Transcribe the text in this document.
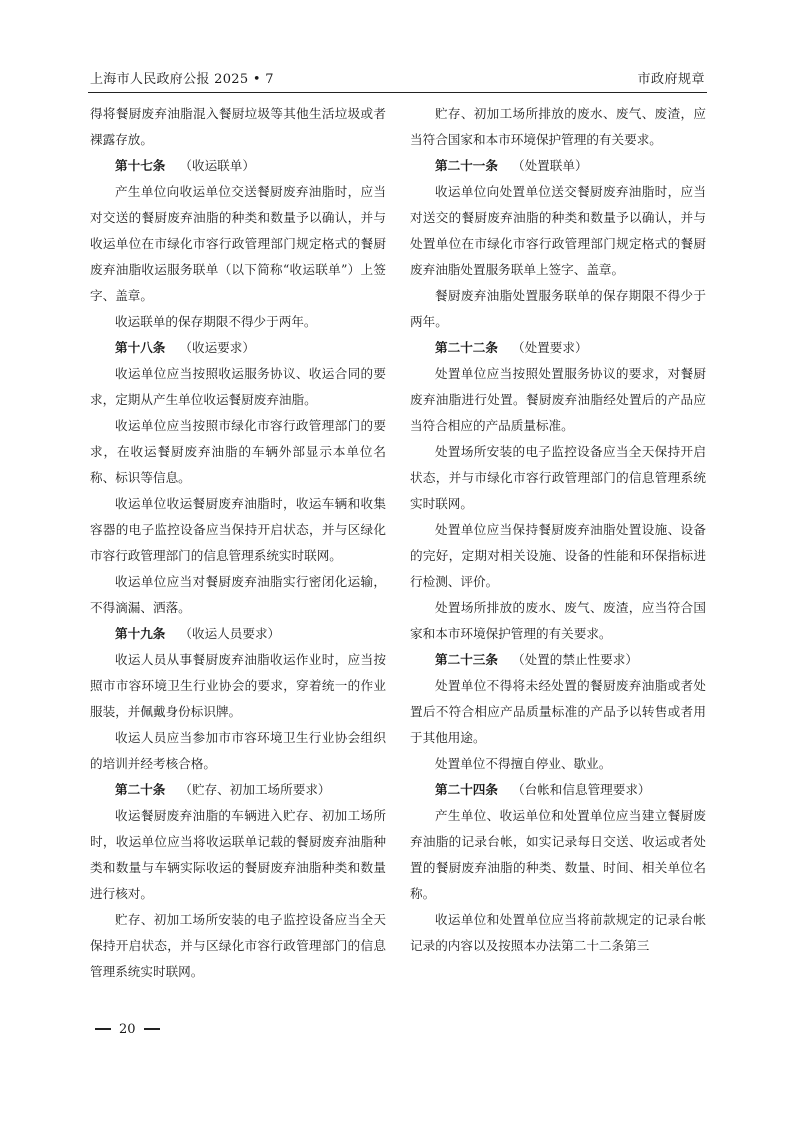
上海市人民政府公报 2025 • 7	市政府规章

得将餐厨废弃油脂混入餐厨垃圾等其他生活垃圾或者裸露存放。

第十七条 （收运联单）

产生单位向收运单位交送餐厨废弃油脂时，应当对交送的餐厨废弃油脂的种类和数量予以确认，并与收运单位在市绿化市容行政管理部门规定格式的餐厨废弃油脂收运服务联单（以下简称“收运联单”）上签字、盖章。

收运联单的保存期限不得少于两年。

第十八条 （收运要求）

收运单位应当按照收运服务协议、收运合同的要求，定期从产生单位收运餐厨废弃油脂。

收运单位应当按照市绿化市容行政管理部门的要求，在收运餐厨废弃油脂的车辆外部显示本单位名称、标识等信息。

收运单位收运餐厨废弃油脂时，收运车辆和收集容器的电子监控设备应当保持开启状态，并与区绿化市容行政管理部门的信息管理系统实时联网。

收运单位应当对餐厨废弃油脂实行密闭化运输，不得滴漏、洒落。

第十九条 （收运人员要求）

收运人员从事餐厨废弃油脂收运作业时，应当按照市市容环境卫生行业协会的要求，穿着统一的作业服装，并佩戴身份标识牌。

收运人员应当参加市市容环境卫生行业协会组织的培训并经考核合格。

第二十条 （贮存、初加工场所要求）

收运餐厨废弃油脂的车辆进入贮存、初加工场所时，收运单位应当将收运联单记载的餐厨废弃油脂种类和数量与车辆实际收运的餐厨废弃油脂种类和数量进行核对。

贮存、初加工场所安装的电子监控设备应当全天保持开启状态，并与区绿化市容行政管理部门的信息管理系统实时联网。

贮存、初加工场所排放的废水、废气、废渣，应当符合国家和本市环境保护管理的有关要求。

第二十一条 （处置联单）

收运单位向处置单位送交餐厨废弃油脂时，应当对送交的餐厨废弃油脂的种类和数量予以确认，并与处置单位在市绿化市容行政管理部门规定格式的餐厨废弃油脂处置服务联单上签字、盖章。

餐厨废弃油脂处置服务联单的保存期限不得少于两年。

第二十二条 （处置要求）

处置单位应当按照处置服务协议的要求，对餐厨废弃油脂进行处置。餐厨废弃油脂经处置后的产品应当符合相应的产品质量标准。

处置场所安装的电子监控设备应当全天保持开启状态，并与市绿化市容行政管理部门的信息管理系统实时联网。

处置单位应当保持餐厨废弃油脂处置设施、设备的完好，定期对相关设施、设备的性能和环保指标进行检测、评价。

处置场所排放的废水、废气、废渣，应当符合国家和本市环境保护管理的有关要求。

第二十三条 （处置的禁止性要求）

处置单位不得将未经处置的餐厨废弃油脂或者处置后不符合相应产品质量标准的产品予以转售或者用于其他用途。

处置单位不得擅自停业、歇业。

第二十四条 （台帐和信息管理要求）

产生单位、收运单位和处置单位应当建立餐厨废弃油脂的记录台帐，如实记录每日交送、收运或者处置的餐厨废弃油脂的种类、数量、时间、相关单位名称。

收运单位和处置单位应当将前款规定的记录台帐记录的内容以及按照本办法第二十二条第三

20
